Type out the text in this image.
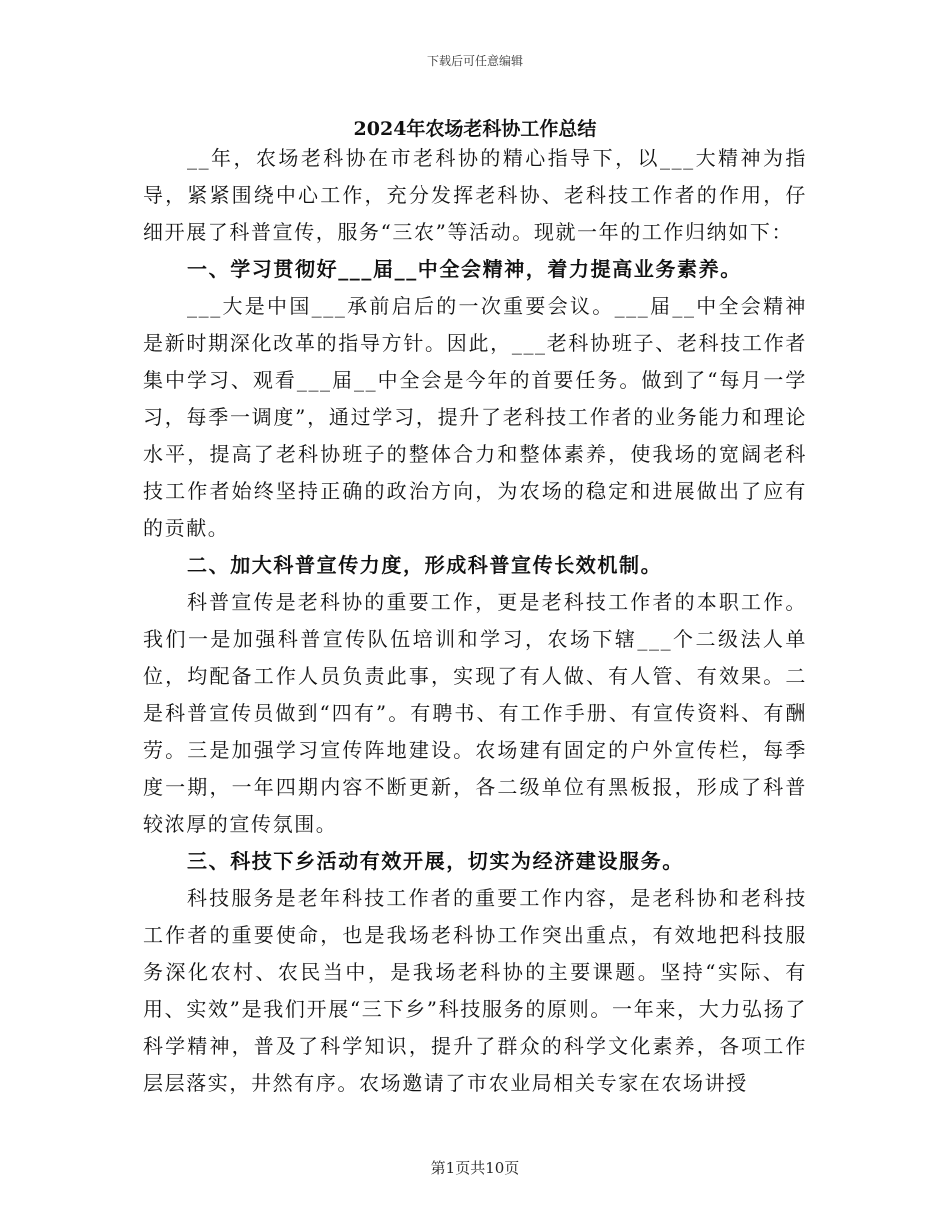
下载后可任意编辑
2024年农场老科协工作总结

__年，农场老科协在市老科协的精心指导下，以___大精神为指导，紧紧围绕中心工作，充分发挥老科协、老科技工作者的作用，仔细开展了科普宣传，服务“三农”等活动。现就一年的工作归纳如下：

一、学习贯彻好___届__中全会精神，着力提高业务素养。

___大是中国___承前启后的一次重要会议。___届__中全会精神是新时期深化改革的指导方针。因此，___老科协班子、老科技工作者集中学习、观看___届__中全会是今年的首要任务。做到了“每月一学习，每季一调度”，通过学习，提升了老科技工作者的业务能力和理论水平，提高了老科协班子的整体合力和整体素养，使我场的宽阔老科技工作者始终坚持正确的政治方向，为农场的稳定和进展做出了应有的贡献。

二、加大科普宣传力度，形成科普宣传长效机制。

科普宣传是老科协的重要工作，更是老科技工作者的本职工作。我们一是加强科普宣传队伍培训和学习，农场下辖___个二级法人单位，均配备工作人员负责此事，实现了有人做、有人管、有效果。二是科普宣传员做到“四有”。有聘书、有工作手册、有宣传资料、有酬劳。三是加强学习宣传阵地建设。农场建有固定的户外宣传栏，每季度一期，一年四期内容不断更新，各二级单位有黑板报，形成了科普较浓厚的宣传氛围。

三、科技下乡活动有效开展，切实为经济建设服务。

科技服务是老年科技工作者的重要工作内容，是老科协和老科技工作者的重要使命，也是我场老科协工作突出重点，有效地把科技服务深化农村、农民当中，是我场老科协的主要课题。坚持“实际、有用、实效”是我们开展“三下乡”科技服务的原则。一年来，大力弘扬了科学精神，普及了科学知识，提升了群众的科学文化素养，各项工作层层落实，井然有序。农场邀请了市农业局相关专家在农场讲授

第1页共10页
